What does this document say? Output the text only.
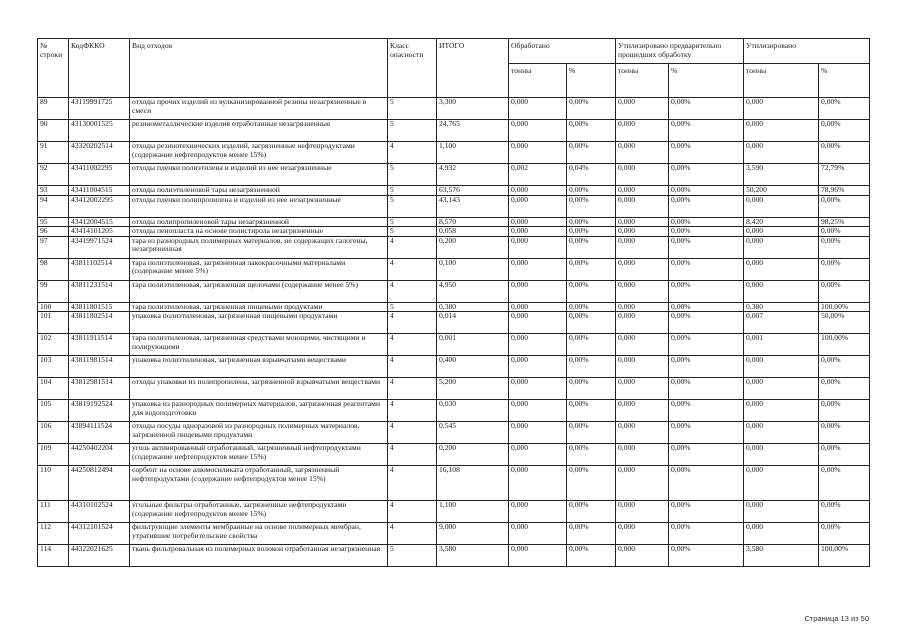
№ строки	КодФККО	Вид отходов	Класс опасности	ИТОГО	Обработано		Утилизировано предварительно прошедших обработку		Утилизировано	
					тонны	%	тонны	%	тонны	%
89	43119991725	отходы прочих изделий из вулканизированной резины незагрязненные в смеси	5	3,300	0,000	0,00%	0,000	0,00%	0,000	0,00%
90	43130001525	резинометаллические изделия отработанные незагрязненные	5	24,765	0,000	0,00%	0,000	0,00%	0,000	0,00%
91	43320202514	отходы резинотехнических изделий, загрязненные нефтепродуктами (содержание нефтепродуктов менее 15%)	4	1,100	0,000	0,00%	0,000	0,00%	0,000	0,00%
92	43411002295	отходы пленки полиэтилена и изделий из нее незагрязненные	5	4,932	0,002	0,04%	0,000	0,00%	3,590	72,79%
93	43411004515	отходы полиэтиленовой тары незагрязненной	5	63,576	0,000	0,00%	0,000	0,00%	50,200	78,96%
94	43412002295	отходы пленки полипропилена и изделий из нее незагрязненные	5	43,143	0,000	0,00%	0,000	0,00%	0,000	0,00%
95	43412004515	отходы полипропиленовой тары незагрязненной	5	8,570	0,000	0,00%	0,000	0,00%	8,420	98,25%
96	43414101205	отходы пенопласта на основе полистирола незагрязненные	5	0,058	0,000	0,00%	0,000	0,00%	0,000	0,00%
97	43419971524	тара из разнородных полимерных материалов, не содержащих галогены, незагрязненная	4	0,200	0,000	0,00%	0,000	0,00%	0,000	0,00%
98	43811102514	тара полиэтиленовая, загрязненная лакокрасочными материалами (содержание менее 5%)	4	0,100	0,000	0,00%	0,000	0,00%	0,000	0,00%
99	43811231514	тара полиэтиленовая, загрязненная щелочами (содержание менее 5%)	4	4,950	0,000	0,00%	0,000	0,00%	0,000	0,00%
100	43811801515	тара полиэтиленовая, загрязненная пищевыми продуктами	5	0,380	0,000	0,00%	0,000	0,00%	0,380	100,00%
101	43811802514	упаковка полиэтиленовая, загрязненная пищевыми продуктами	4	0,014	0,000	0,00%	0,000	0,00%	0,007	50,00%
102	43811911514	тара полиэтиленовая, загрязненная средствами моющими, чистящими и полирующими	4	0,001	0,000	0,00%	0,000	0,00%	0,001	100,00%
103	43811981514	упаковка полиэтиленовая, загрязненная взрывчатыми веществами	4	0,400	0,000	0,00%	0,000	0,00%	0,000	0,00%
104	43812981514	отходы упаковки из полипропилена, загрязненной взрывчатыми веществами	4	5,200	0,000	0,00%	0,000	0,00%	0,000	0,00%
105	43819192524	упаковка из разнородных полимерных материалов, загрязненная реагентами для водоподготовки	4	0,030	0,000	0,00%	0,000	0,00%	0,000	0,00%
106	43894111524	отходы посуды одноразовой из разнородных полимерных материалов, загрязненной пищевыми продуктами	4	0,545	0,000	0,00%	0,000	0,00%	0,000	0,00%
109	44250402204	уголь активированный отработанный, загрязненный нефтепродуктами (содержание нефтепродуктов менее 15%)	4	0,200	0,000	0,00%	0,000	0,00%	0,000	0,00%
110	44250812494	сорбент на основе алюмосиликата отработанный, загрязненный нефтепродуктами (содержание нефтепродуктов менее 15%)	4	16,108	0,000	0,00%	0,000	0,00%	0,000	0,00%
111	44310102524	угольные фильтры отработанные, загрязненные нефтепродуктами (содержание нефтепродуктов менее 15%)	4	1,100	0,000	0,00%	0,000	0,00%	0,000	0,00%
112	44312101524	фильтрующие элементы мембранные на основе полимерных мембран, утратившие потребительские свойства	4	9,000	0,000	0,00%	0,000	0,00%	0,000	0,00%
114	44322021625	ткань фильтровальная из полимерных волокон отработанная незагрязненная	5	3,580	0,000	0,00%	0,000	0,00%	3,580	100,00%
Страница 13 из 50
